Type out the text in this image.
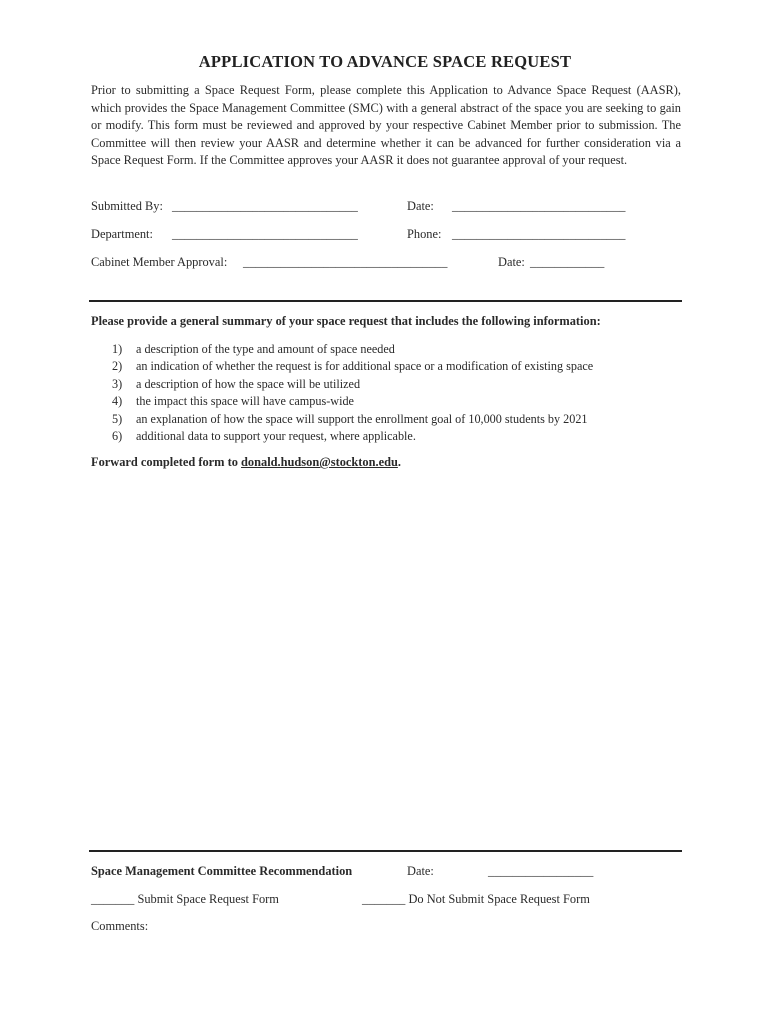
APPLICATION TO ADVANCE SPACE REQUEST

Prior to submitting a Space Request Form, please complete this Application to Advance Space Request (AASR), which provides the Space Management Committee (SMC) with a general abstract of the space you are seeking to gain or modify. This form must be reviewed and approved by your respective Cabinet Member prior to submission. The Committee will then review your AASR and determine whether it can be advanced for further consideration via a Space Request Form. If the Committee approves your AASR it does not guarantee approval of your request.

Submitted By: ______________________________	Date: ____________________________
Department: ______________________________	Phone: ____________________________
Cabinet Member Approval: _________________________________	Date: ____________
Please provide a general summary of your space request that includes the following information:
1)	a description of the type and amount of space needed
2)	an indication of whether the request is for additional space or a modification of existing space
3)	a description of how the space will be utilized
4)	the impact this space will have campus-wide
5)	an explanation of how the space will support the enrollment goal of 10,000 students by 2021
6)	additional data to support your request, where applicable.
Forward completed form to donald.hudson@stockton.edu.
Space Management Committee Recommendation	Date:	_________________
_______ Submit Space Request Form	_______ Do Not Submit Space Request Form
Comments:
